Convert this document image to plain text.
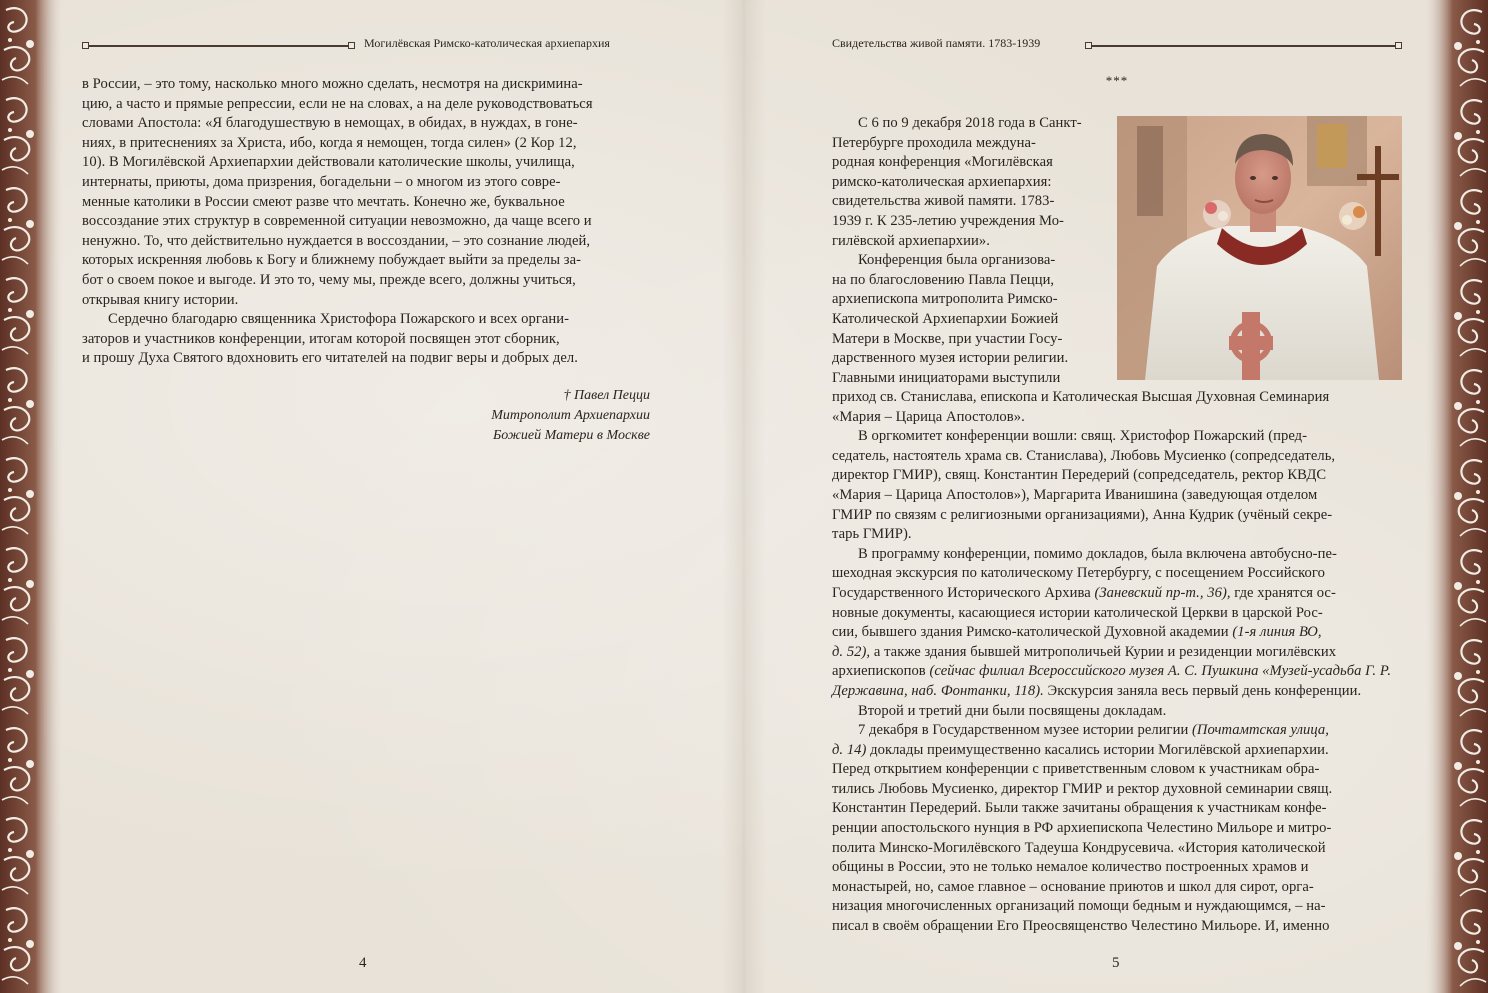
Могилёвская Римско-католическая архиепархия

в России, – это тому, насколько много можно сделать, несмотря на дискримина-

цию, а часто и прямые репрессии, если не на словах, а на деле руководствоваться

словами Апостола: «Я благодушествую в немощах, в обидах, в нуждах, в гоне-

ниях, в притеснениях за Христа, ибо, когда я немощен, тогда силен» (2 Кор 12,

10). В Могилёвской Архиепархии действовали католические школы, училища,

интернаты, приюты, дома призрения, богадельни – о многом из этого совре-

менные католики в России смеют разве что мечтать. Конечно же, буквальное

воссоздание этих структур в современной ситуации невозможно, да чаще всего и

ненужно. То, что действительно нуждается в воссоздании, – это сознание людей,

которых искренняя любовь к Богу и ближнему побуждает выйти за пределы за-

бот о своем покое и выгоде. И это то, чему мы, прежде всего, должны учиться,

открывая книгу истории.

Сердечно благодарю священника Христофора Пожарского и всех органи-

заторов и участников конференции, итогам которой посвящен этот сборник,

и прошу Духа Святого вдохновить его читателей на подвиг веры и добрых дел.

† Павел Пецци
Митрополит Архиепархии
Божией Матери в Москве
4
Свидетельства живой памяти. 1783-1939
***

С 6 по 9 декабря 2018 года в Санкт-

Петербурге проходила междуна-

родная конференция «Могилёвская

римско-католическая архиепархия:

свидетельства живой памяти. 1783-

1939 г. К 235-летию учреждения Мо-

гилёвской архиепархии».

Конференция была организова-

на по благословению Павла Пецци,

архиепископа митрополита Римско-

Католической Архиепархии Божией

Матери в Москве, при участии Госу-

дарственного музея истории религии.

Главными инициаторами выступили

приход св. Станислава, епископа и Католическая Высшая Духовная Семинария

«Мария – Царица Апостолов».

В оргкомитет конференции вошли: свящ. Христофор Пожарский (пред-

седатель, настоятель храма св. Станислава), Любовь Мусиенко (сопредседатель,

директор ГМИР), свящ. Константин Передерий (сопредседатель, ректор КВДС

«Мария – Царица Апостолов»), Маргарита Иванишина (заведующая отделом

ГМИР по связям с религиозными организациями), Анна Кудрик (учёный секре-

тарь ГМИР).

В программу конференции, помимо докладов, была включена автобусно-пе-

шеходная экскурсия по католическому Петербургу, с посещением Российского

Государственного Исторического Архива (Заневский пр-т., 36), где хранятся ос-

новные документы, касающиеся истории католической Церкви в царской Рос-

сии, бывшего здания Римско-католической Духовной академии (1-я линия ВО,

д. 52), а также здания бывшей митрополичьей Курии и резиденции могилёвских

архиепископов (сейчас филиал Всероссийского музея А. С. Пушкина «Музей-усадьба Г. Р.

Державина, наб. Фонтанки, 118). Экскурсия заняла весь первый день конференции.

Второй и третий дни были посвящены докладам.

7 декабря в Государственном музее истории религии (Почтамтская улица,

д. 14) доклады преимущественно касались истории Могилёвской архиепархии.

Перед открытием конференции с приветственным словом к участникам обра-

тились Любовь Мусиенко, директор ГМИР и ректор духовной семинарии свящ.

Константин Передерий. Были также зачитаны обращения к участникам конфе-

ренции апостольского нунция в РФ архиепископа Челестино Мильоре и митро-

полита Минско-Могилёвского Тадеуша Кондрусевича. «История католической

общины в России, это не только немалое количество построенных храмов и

монастырей, но, самое главное – основание приютов и школ для сирот, орга-

низация многочисленных организаций помощи бедным и нуждающимся, – на-

писал в своём обращении Его Преосвященство Челестино Мильоре. И, именно

5
